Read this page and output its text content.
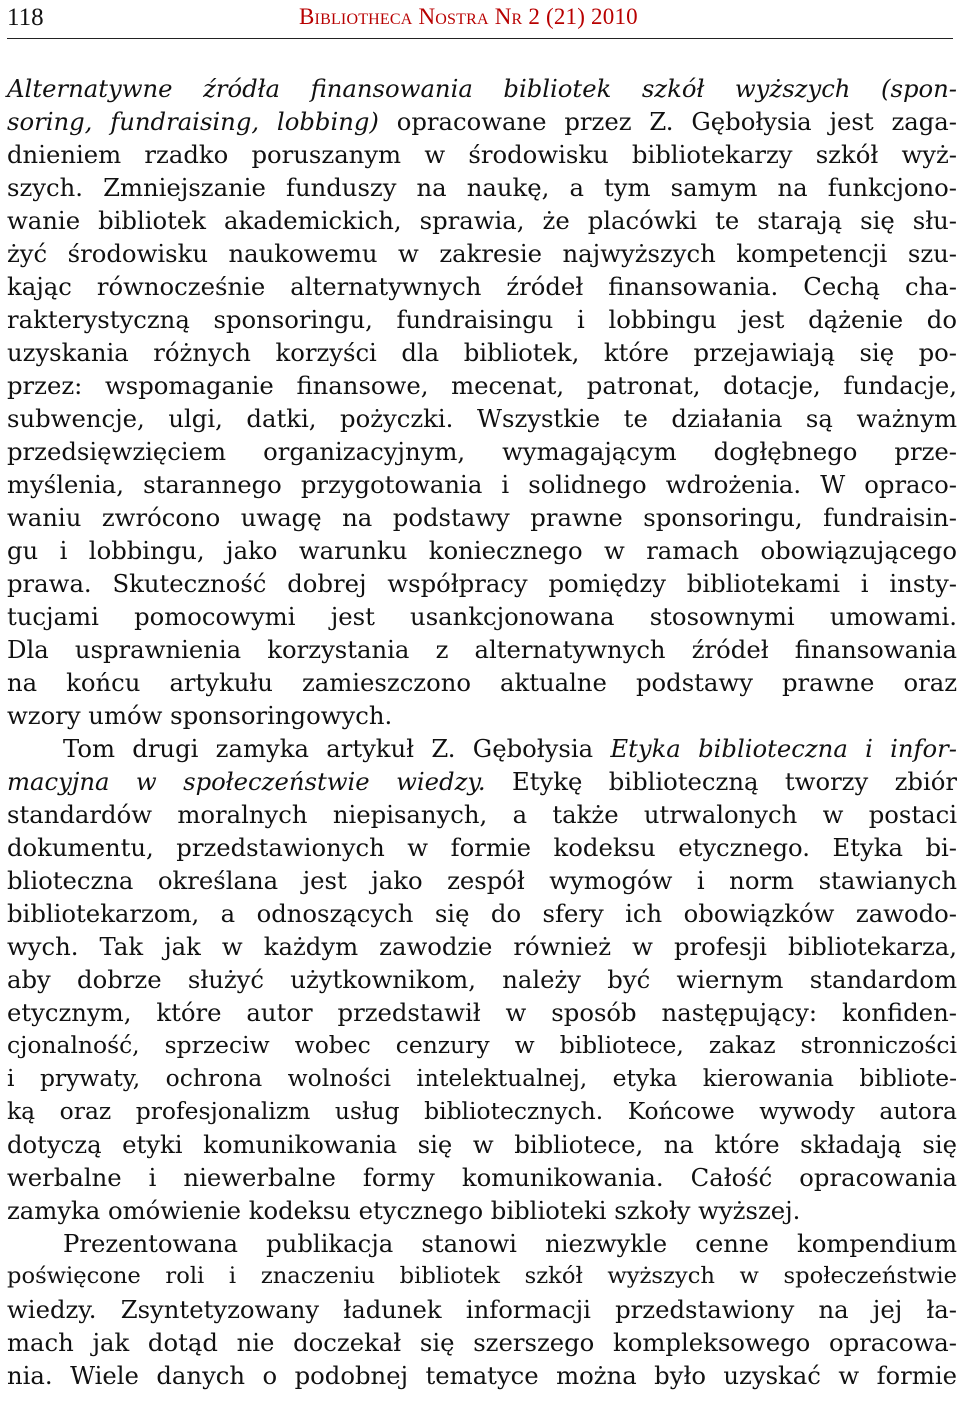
118	Bibliotheca Nostra Nr 2 (21) 2010
Alternatywne źródła finansowania bibliotek szkół wyższych (spon-
soring, fundraising, lobbing) opracowane przez Z. Gębołysia jest zaga-
dnieniem rzadko poruszanym w środowisku bibliotekarzy szkół wyż-
szych. Zmniejszanie funduszy na naukę, a tym samym na funkcjono-
wanie bibliotek akademickich, sprawia, że placówki te starają się słu-
żyć środowisku naukowemu w zakresie najwyższych kompetencji szu-
kając równocześnie alternatywnych źródeł finansowania. Cechą cha-
rakterystyczną sponsoringu, fundraisingu i lobbingu jest dążenie do
uzyskania różnych korzyści dla bibliotek, które przejawiają się po-
przez: wspomaganie finansowe, mecenat, patronat, dotacje, fundacje,
subwencje, ulgi, datki, pożyczki. Wszystkie te działania są ważnym
przedsięwzięciem organizacyjnym, wymagającym dogłębnego prze-
myślenia, starannego przygotowania i solidnego wdrożenia. W opraco-
waniu zwrócono uwagę na podstawy prawne sponsoringu, fundraisin-
gu i lobbingu, jako warunku koniecznego w ramach obowiązującego
prawa. Skuteczność dobrej współpracy pomiędzy bibliotekami i insty-
tucjami pomocowymi jest usankcjonowana stosownymi umowami.
Dla usprawnienia korzystania z alternatywnych źródeł finansowania
na końcu artykułu zamieszczono aktualne podstawy prawne oraz
wzory umów sponsoringowych.
Tom drugi zamyka artykuł Z. Gębołysia Etyka biblioteczna i infor-
macyjna w społeczeństwie wiedzy. Etykę biblioteczną tworzy zbiór
standardów moralnych niepisanych, a także utrwalonych w postaci
dokumentu, przedstawionych w formie kodeksu etycznego. Etyka bi-
blioteczna określana jest jako zespół wymogów i norm stawianych
bibliotekarzom, a odnoszących się do sfery ich obowiązków zawodo-
wych. Tak jak w każdym zawodzie również w profesji bibliotekarza,
aby dobrze służyć użytkownikom, należy być wiernym standardom
etycznym, które autor przedstawił w sposób następujący: konfiden-
cjonalność, sprzeciw wobec cenzury w bibliotece, zakaz stronniczości
i prywaty, ochrona wolności intelektualnej, etyka kierowania bibliote-
ką oraz profesjonalizm usług bibliotecznych. Końcowe wywody autora
dotyczą etyki komunikowania się w bibliotece, na które składają się
werbalne i niewerbalne formy komunikowania. Całość opracowania
zamyka omówienie kodeksu etycznego biblioteki szkoły wyższej.
Prezentowana publikacja stanowi niezwykle cenne kompendium
poświęcone roli i znaczeniu bibliotek szkół wyższych w społeczeństwie
wiedzy. Zsyntetyzowany ładunek informacji przedstawiony na jej ła-
mach jak dotąd nie doczekał się szerszego kompleksowego opracowa-
nia. Wiele danych o podobnej tematyce można było uzyskać w formie
